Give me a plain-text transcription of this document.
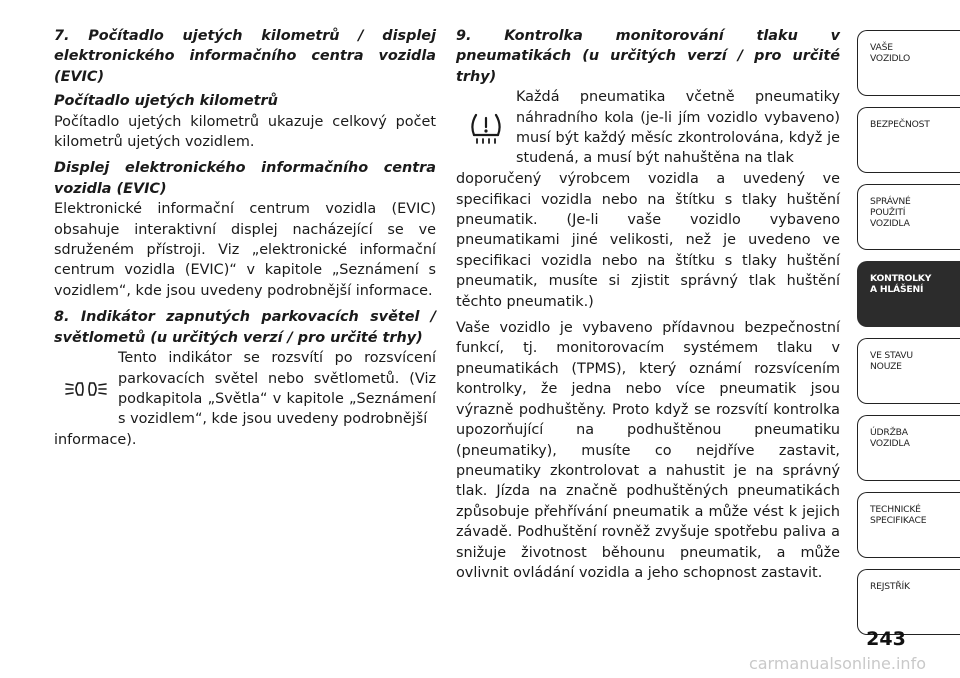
7. Počítadlo ujetých kilometrů / displej elektronického informačního centra vozidla (EVIC)

Počítadlo ujetých kilometrů

Počítadlo ujetých kilometrů ukazuje celkový počet kilometrů ujetých vozidlem.

Displej elektronického informačního centra vozidla (EVIC)

Elektronické informační centrum vozidla (EVIC) obsahuje interaktivní displej nacházející se ve sdruženém přístroji. Viz „elektronické informační centrum vozidla (EVIC)“ v kapitole „Seznámení s vozidlem“, kde jsou uvedeny podrobnější informace.

8. Indikátor zapnutých parkovacích světel / světlometů (u určitých verzí / pro určité trhy)

Tento indikátor se rozsvítí po rozsvícení parkovacích světel nebo světlometů. (Viz podkapitola „Světla“ v kapitole „Seznámení s vozidlem“, kde jsou uvedeny podrobnější

informace).

9. Kontrolka monitorování tlaku v pneumatikách (u určitých verzí / pro určité trhy)

Každá pneumatika včetně pneumatiky náhradního kola (je-li jím vozidlo vybaveno) musí být každý měsíc zkontrolována, když je studená, a musí být nahuštěna na tlak

doporučený výrobcem vozidla a uvedený ve specifikaci vozidla nebo na štítku s tlaky huštění pneumatik. (Je-li vaše vozidlo vybaveno pneumatikami jiné velikosti, než je uvedeno ve specifikaci vozidla nebo na štítku s tlaky huštění pneumatik, musíte si zjistit správný tlak huštění těchto pneumatik.)

Vaše vozidlo je vybaveno přídavnou bezpečnostní funkcí, tj. monitorovacím systémem tlaku v pneumatikách (TPMS), který oznámí rozsvícením kontrolky, že jedna nebo více pneumatik jsou výrazně podhuštěny. Proto když se rozsvítí kontrolka upozorňující na podhuštěnou pneumatiku (pneumatiky), musíte co nejdříve zastavit, pneumatiky zkontrolovat a nahustit je na správný tlak. Jízda na značně podhuštěných pneumatikách způsobuje přehřívání pneumatik a může vést k jejich závadě. Podhuštění rovněž zvyšuje spotřebu paliva a snižuje životnost běhounu pneumatik, a může ovlivnit ovládání vozidla a jeho schopnost zastavit.

VAŠE
VOZIDLO
BEZPEČNOST
SPRÁVNÉ
POUŽITÍ
VOZIDLA
KONTROLKY
A HLÁŠENÍ
VE STAVU
NOUZE
ÚDRŽBA
VOZIDLA
TECHNICKÉ
SPECIFIKACE
REJSTŘÍK
243
carmanualsonline.info
